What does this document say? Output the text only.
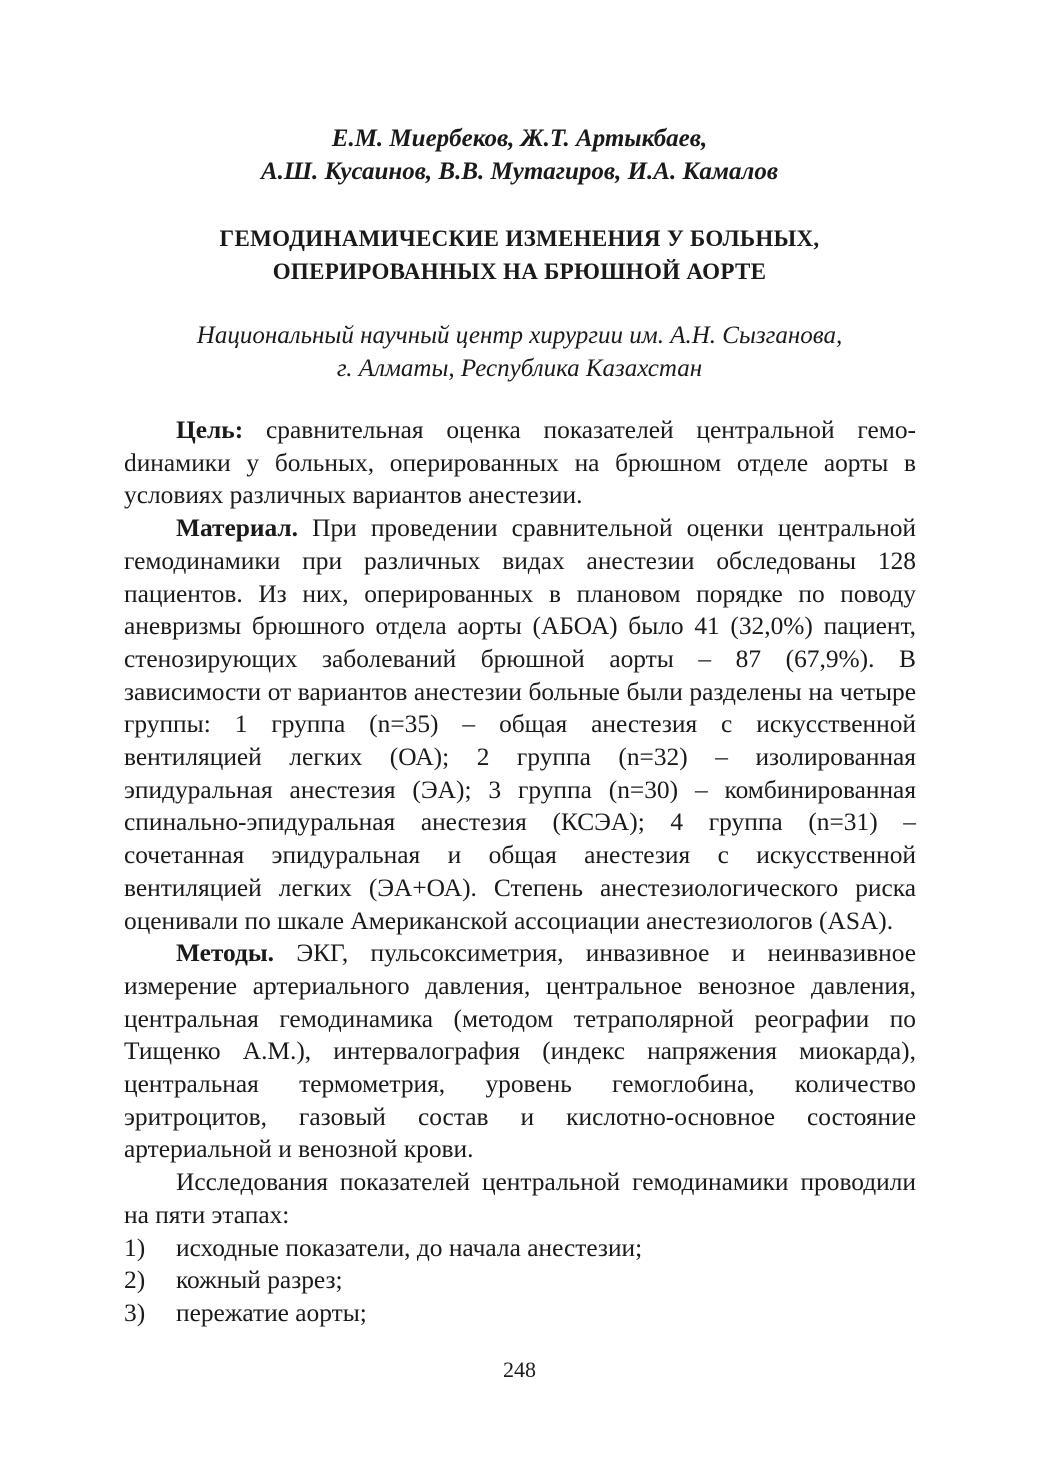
Е.М. Миербеков, Ж.Т. Артыкбаев,
А.Ш. Кусаинов, В.В. Мутагиров, И.А. Камалов
ГЕМОДИНАМИЧЕСКИЕ ИЗМЕНЕНИЯ У БОЛЬНЫХ,
ОПЕРИРОВАННЫХ НА БРЮШНОЙ АОРТЕ
Национальный научный центр хирургии им. А.Н. Сызганова,
г. Алматы, Республика Казахстан

Цель: сравнительная оценка показателей центральной гемоdинамики у больных, оперированных на брюшном отделе аорты в условиях различных вариантов анестезии.

Материал. При проведении сравнительной оценки центральной гемодинамики при различных видах анестезии обследованы 128 пациентов. Из них, оперированных в плановом порядке по поводу аневризмы брюшного отдела аорты (АБОА) было 41 (32,0%) пациент, стенозирующих заболеваний брюшной аорты – 87 (67,9%). В зависимости от вариантов анестезии больные были разделены на четыре группы: 1 группа (n=35) – общая анестезия с искусственной вентиляцией легких (ОА); 2 группа (n=32) – изолированная эпидуральная анестезия (ЭА); 3 группа (n=30) – комбинированная спинально-эпидуральная анестезия (КСЭА); 4 группа (n=31) – сочетанная эпидуральная и общая анестезия с искусственной вентиляцией легких (ЭА+ОА). Степень анестезиологического риска оценивали по шкале Американской ассоциации анестезиологов (ASA).

Методы. ЭКГ, пульсоксиметрия, инвазивное и неинвазивное измерение артериального давления, центральное венозное давления, центральная гемодинамика (методом тетраполярной реографии по Тищенко А.М.), интервалография (индекс напряжения миокарда), центральная термометрия, уровень гемоглобина, количество эритроцитов, газовый состав и кислотно-основное состояние артериальной и венозной крови.

Исследования показателей центральной гемодинамики проводили на пяти этапах:

1)	исходные показатели, до начала анестезии;
2)	кожный разрез;
3)	пережатие аорты;
248
